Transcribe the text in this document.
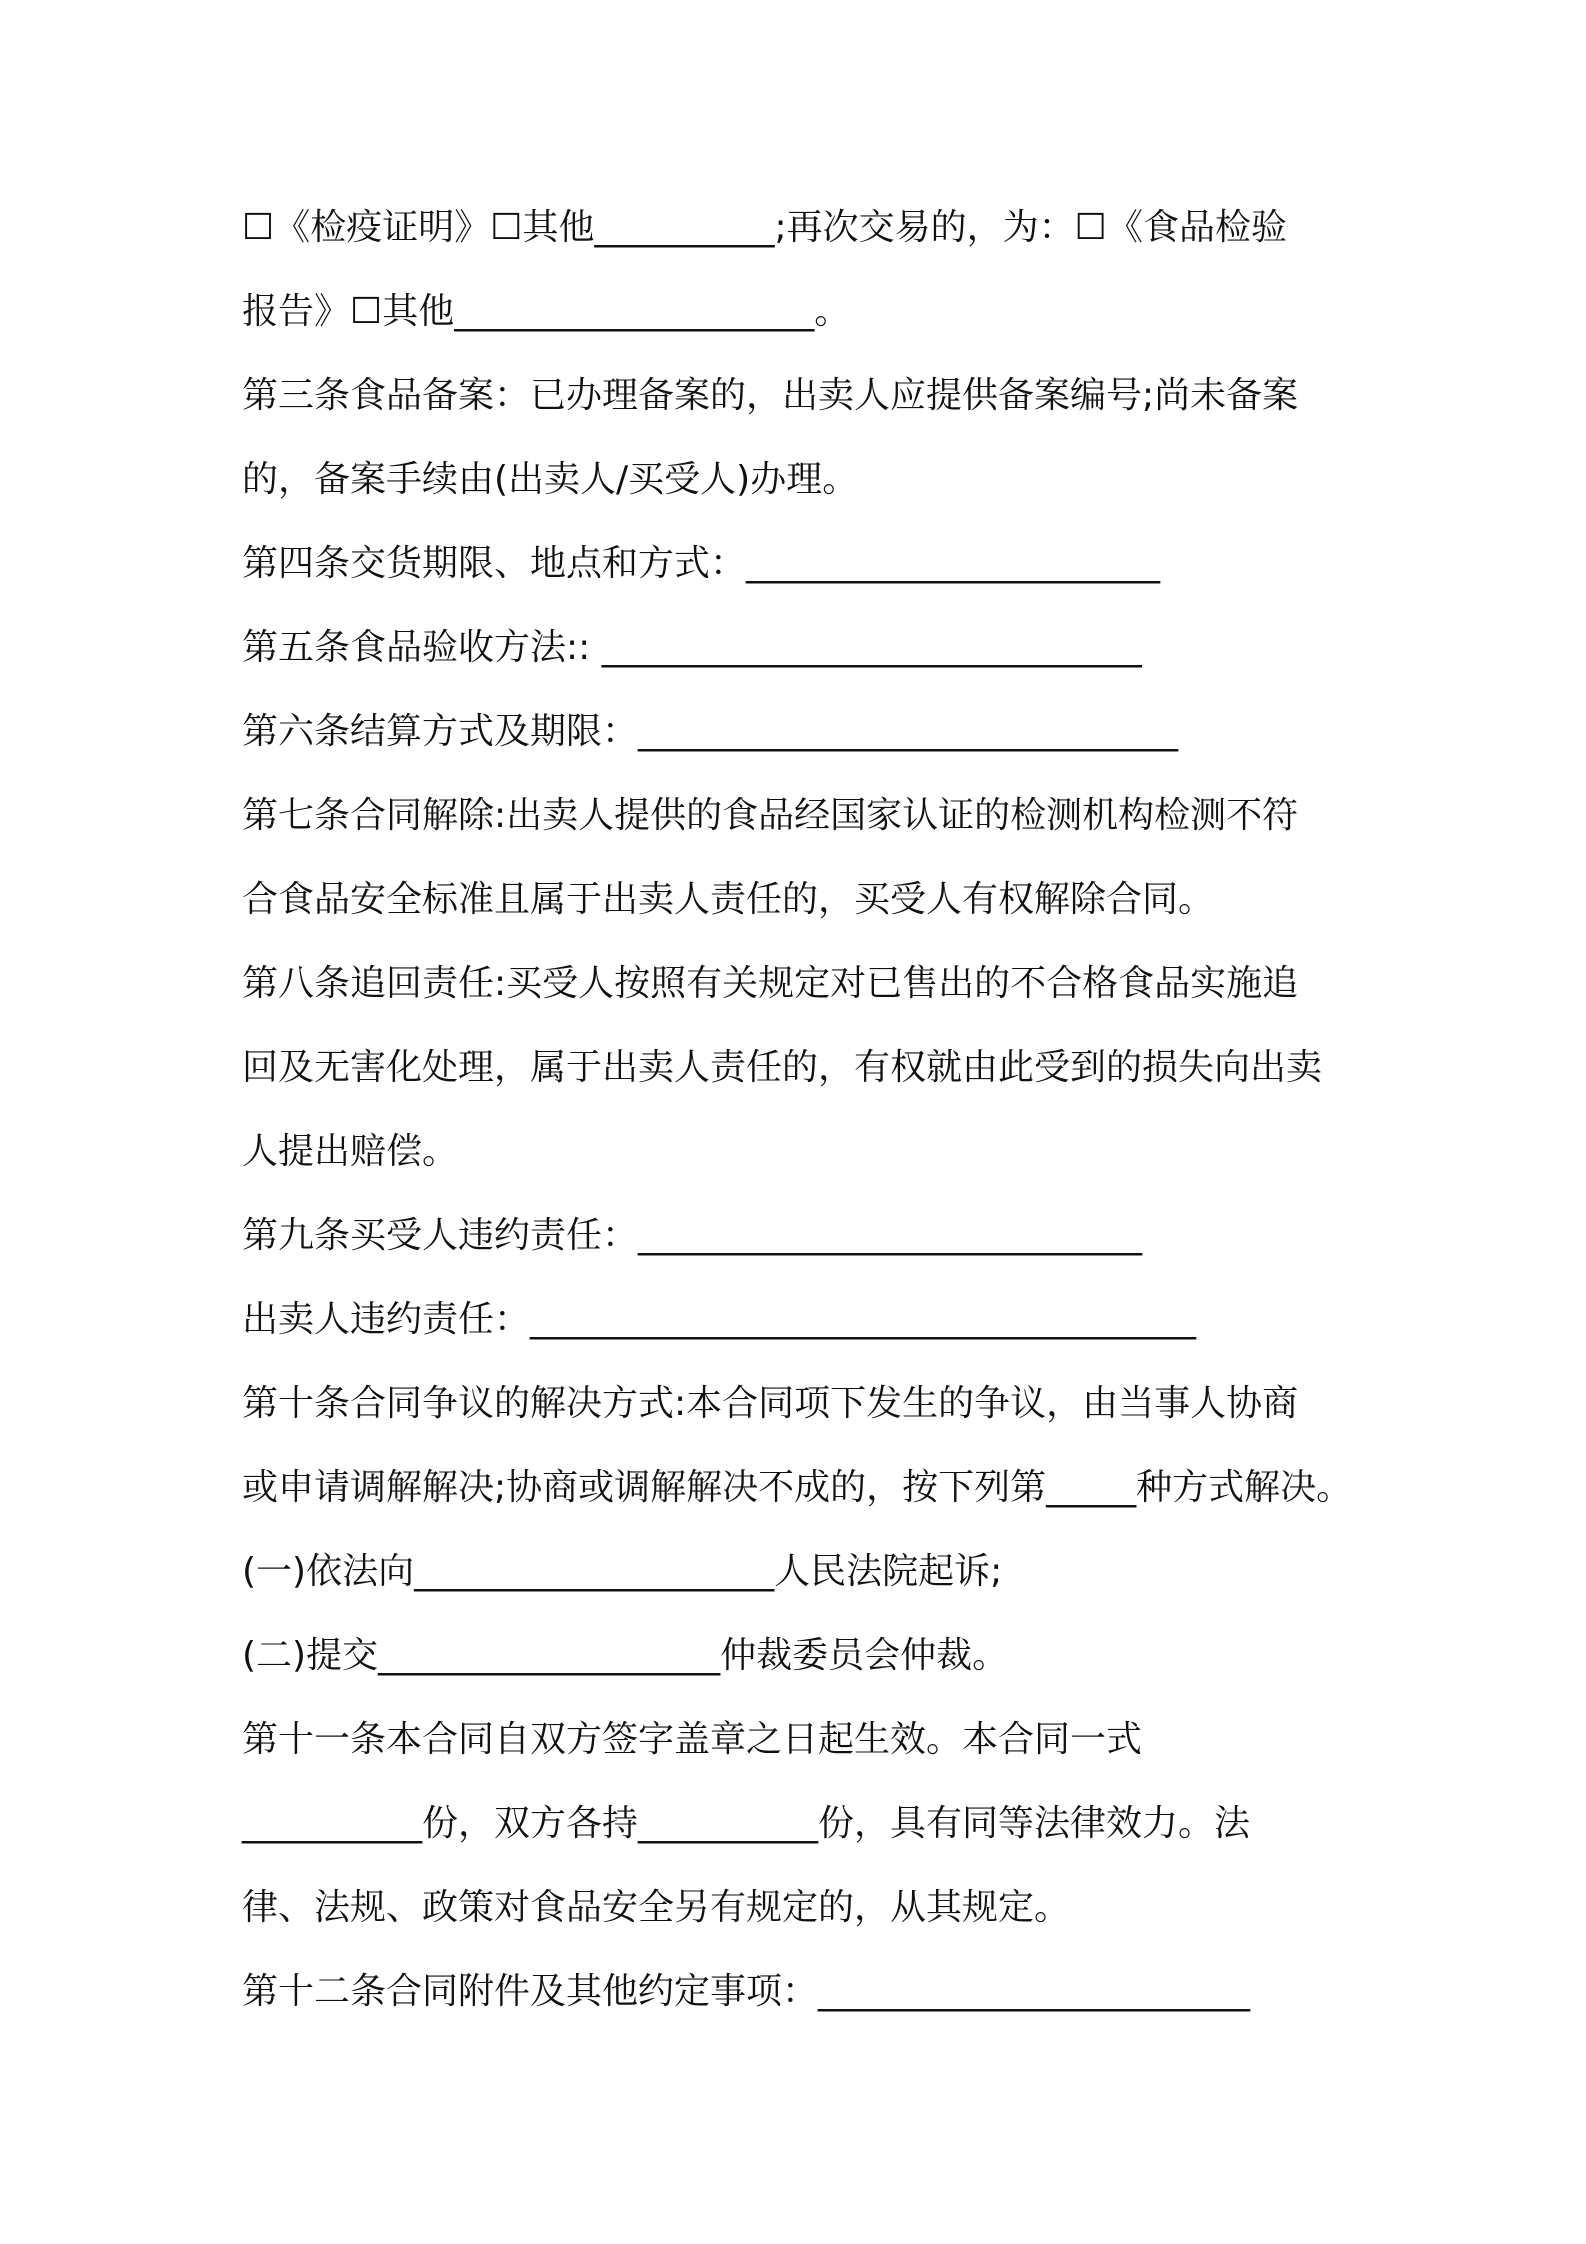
☐《检疫证明》☐其他__________;再次交易的，为：☐《食品检验

报告》☐其他____________________。

第三条食品备案：已办理备案的，出卖人应提供备案编号;尚未备案

的，备案手续由(出卖人/买受人)办理。

第四条交货期限、地点和方式：_______________________

第五条食品验收方法:: ______________________________

第六条结算方式及期限：______________________________

第七条合同解除:出卖人提供的食品经国家认证的检测机构检测不符

合食品安全标准且属于出卖人责任的，买受人有权解除合同。

第八条追回责任:买受人按照有关规定对已售出的不合格食品实施追

回及无害化处理，属于出卖人责任的，有权就由此受到的损失向出卖

人提出赔偿。

第九条买受人违约责任：____________________________

出卖人违约责任：_____________________________________

第十条合同争议的解决方式:本合同项下发生的争议，由当事人协商

或申请调解解决;协商或调解解决不成的，按下列第_____种方式解决。

(一)依法向____________________人民法院起诉;

(二)提交___________________仲裁委员会仲裁。

第十一条本合同自双方签字盖章之日起生效。本合同一式

__________份，双方各持__________份，具有同等法律效力。法

律、法规、政策对食品安全另有规定的，从其规定。

第十二条合同附件及其他约定事项：________________________
